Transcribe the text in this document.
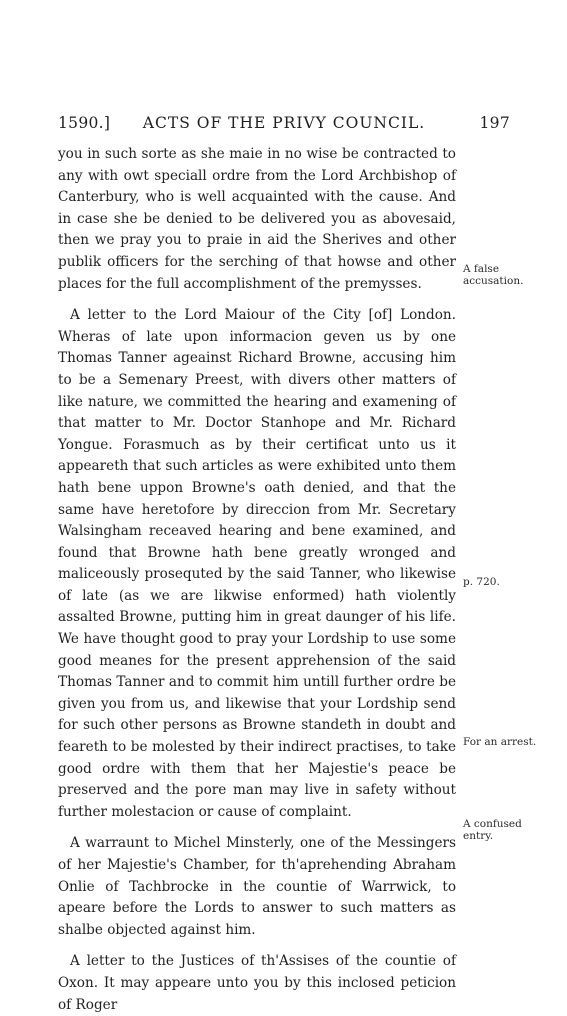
1590.]	ACTS OF THE PRIVY COUNCIL.	197

you in such sorte as she maie in no wise be contracted to any with owt speciall ordre from the Lord Archbishop of Canterbury, who is well acquainted with the cause. And in case she be denied to be delivered you as abovesaid, then we pray you to praie in aid the Sherives and other publik officers for the serching of that howse and other places for the full accomplishment of the premysses.

A letter to the Lord Maiour of the City [of] London. Wheras of late upon informacion geven us by one Thomas Tanner ageainst Richard Browne, accusing him to be a Semenary Preest, with divers other matters of like nature, we committed the hearing and examening of that matter to Mr. Doctor Stanhope and Mr. Richard Yongue. Forasmuch as by their certificat unto us it appeareth that such articles as were exhibited unto them hath bene uppon Browne's oath denied, and that the same have heretofore by direccion from Mr. Secretary Walsingham receaved hearing and bene examined, and found that Browne hath bene greatly wronged and maliceously prosequted by the said Tanner, who likewise of late (as we are likwise enformed) hath violently assalted Browne, putting him in great daunger of his life. We have thought good to pray your Lordship to use some good meanes for the present apprehension of the said Thomas Tanner and to commit him untill further ordre be given you from us, and likewise that your Lordship send for such other persons as Browne standeth in doubt and feareth to be molested by their indirect practises, to take good ordre with them that her Majestie's peace be preserved and the pore man may live in safety without further molestacion or cause of complaint.

A warraunt to Michel Minsterly, one of the Messingers of her Majestie's Chamber, for th'aprehending Abraham Onlie of Tachbrocke in the countie of Warrwick, to apeare before the Lords to answer to such matters as shalbe objected against him.

A letter to the Justices of th'Assises of the countie of Oxon. It may appeare unto you by this inclosed peticion of Roger

A false accusation.
p. 720.
For an arrest.
A confused entry.
